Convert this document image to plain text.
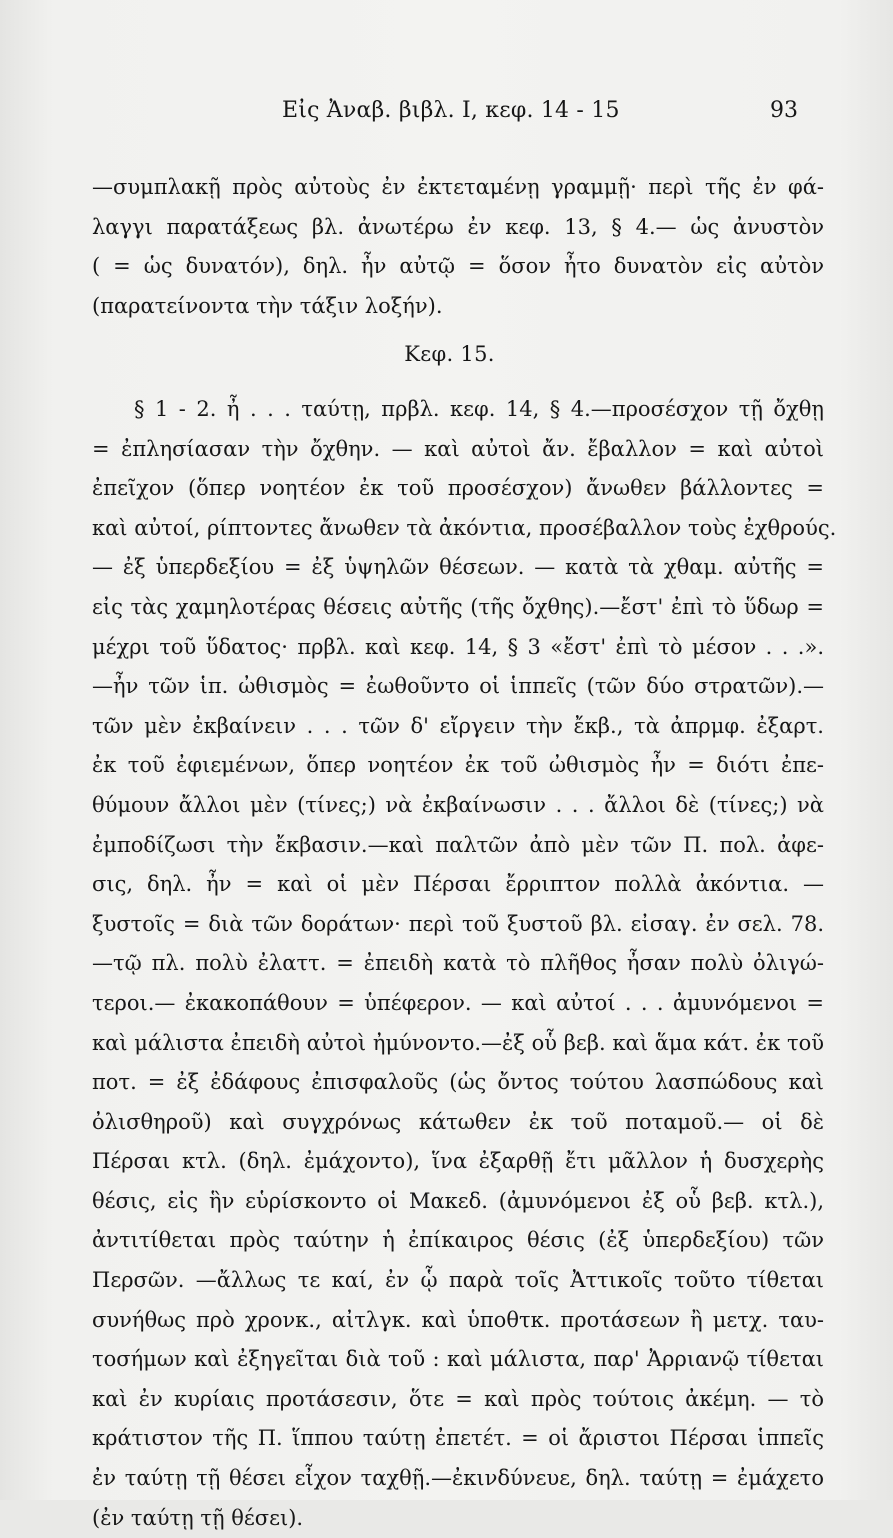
Εἰς Ἀναβ. βιβλ. I, κεφ. 14 - 15	93
—συμπλακῇ πρὸς αὐτοὺς ἐν ἐκτεταμένῃ γραμμῇ· περὶ τῆς ἐν φά-
λαγγι παρατάξεως βλ. ἀνωτέρω ἐν κεφ. 13, § 4.— ὡς ἀνυστὸν
( = ὡς δυνατόν), δηλ. ἦν αὐτῷ = ὅσον ἦτο δυνατὸν εἰς αὐτὸν
(παρατείνοντα τὴν τάξιν λοξήν).
Κεφ. 15.
§ 1 - 2. ἦ . . . ταύτῃ, πρβλ. κεφ. 14, § 4.—προσέσχον τῇ ὄχθῃ
= ἐπλησίασαν τὴν ὄχθην. — καὶ αὐτοὶ ἄν. ἔβαλλον = καὶ αὐτοὶ
ἐπεῖχον (ὅπερ νοητέον ἐκ τοῦ προσέσχον) ἄνωθεν βάλλοντες =
καὶ αὐτοί, ρίπτοντες ἄνωθεν τὰ ἀκόντια, προσέβαλλον τοὺς ἐχθρούς.
— ἐξ ὑπερδεξίου = ἐξ ὑψηλῶν θέσεων. — κατὰ τὰ χθαμ. αὐτῆς =
εἰς τὰς χαμηλοτέρας θέσεις αὐτῆς (τῆς ὄχθης).—ἔστ' ἐπὶ τὸ ὕδωρ =
μέχρι τοῦ ὕδατος· πρβλ. καὶ κεφ. 14, § 3 «ἔστ' ἐπὶ τὸ μέσον . . .».
—ἦν τῶν ἱπ. ὠθισμὸς = ἐωθοῦντο οἱ ἱππεῖς (τῶν δύο στρατῶν).—
τῶν μὲν ἐκβαίνειν . . . τῶν δ' εἴργειν τὴν ἔκβ., τὰ ἀπρμφ. ἐξαρτ.
ἐκ τοῦ ἐφιεμένων, ὅπερ νοητέον ἐκ τοῦ ὠθισμὸς ἦν = διότι ἐπε-
θύμουν ἄλλοι μὲν (τίνες;) νὰ ἐκβαίνωσιν . . . ἄλλοι δὲ (τίνες;) νὰ
ἐμποδίζωσι τὴν ἔκβασιν.—καὶ παλτῶν ἀπὸ μὲν τῶν Π. πολ. ἀφε-
σις, δηλ. ἦν = καὶ οἱ μὲν Πέρσαι ἔρριπτον πολλὰ ἀκόντια. —
ξυστοῖς = διὰ τῶν δοράτων· περὶ τοῦ ξυστοῦ βλ. εἰσαγ. ἐν σελ. 78.
—τῷ πλ. πολὺ ἐλαττ. = ἐπειδὴ κατὰ τὸ πλῆθος ἦσαν πολὺ ὀλιγώ-
τεροι.— ἐκακοπάθουν = ὑπέφερον. — καὶ αὐτοί . . . ἀμυνόμενοι =
καὶ μάλιστα ἐπειδὴ αὐτοὶ ἠμύνοντο.—ἐξ οὗ βεβ. καὶ ἅμα κάτ. ἐκ τοῦ
ποτ. = ἐξ ἐδάφους ἐπισφαλοῦς (ὡς ὄντος τούτου λασπώδους καὶ
ὀλισθηροῦ) καὶ συγχρόνως κάτωθεν ἐκ τοῦ ποταμοῦ.— οἱ δὲ
Πέρσαι κτλ. (δηλ. ἐμάχοντο), ἵνα ἐξαρθῇ ἔτι μᾶλλον ἡ δυσχερὴς
θέσις, εἰς ἣν εὑρίσκοντο οἱ Μακεδ. (ἀμυνόμενοι ἐξ οὗ βεβ. κτλ.),
ἀντιτίθεται πρὸς ταύτην ἡ ἐπίκαιρος θέσις (ἐξ ὑπερδεξίου) τῶν
Περσῶν. —ἄλλως τε καί, ἐν ᾧ παρὰ τοῖς Ἀττικοῖς τοῦτο τίθεται
συνήθως πρὸ χρονκ., αἰτλγκ. καὶ ὑποθτκ. προτάσεων ἢ μετχ. ταυ-
τοσήμων καὶ ἐξηγεῖται διὰ τοῦ : καὶ μάλιστα, παρ' Ἀρριανῷ τίθεται
καὶ ἐν κυρίαις προτάσεσιν, ὅτε = καὶ πρὸς τούτοις ἀκέμη. — τὸ
κράτιστον τῆς Π. ἵππου ταύτῃ ἐπετέτ. = οἱ ἄριστοι Πέρσαι ἱππεῖς
ἐν ταύτῃ τῇ θέσει εἶχον ταχθῇ.—ἐκινδύνευε, δηλ. ταύτῃ = ἐμάχετο
(ἐν ταύτῃ τῇ θέσει).
